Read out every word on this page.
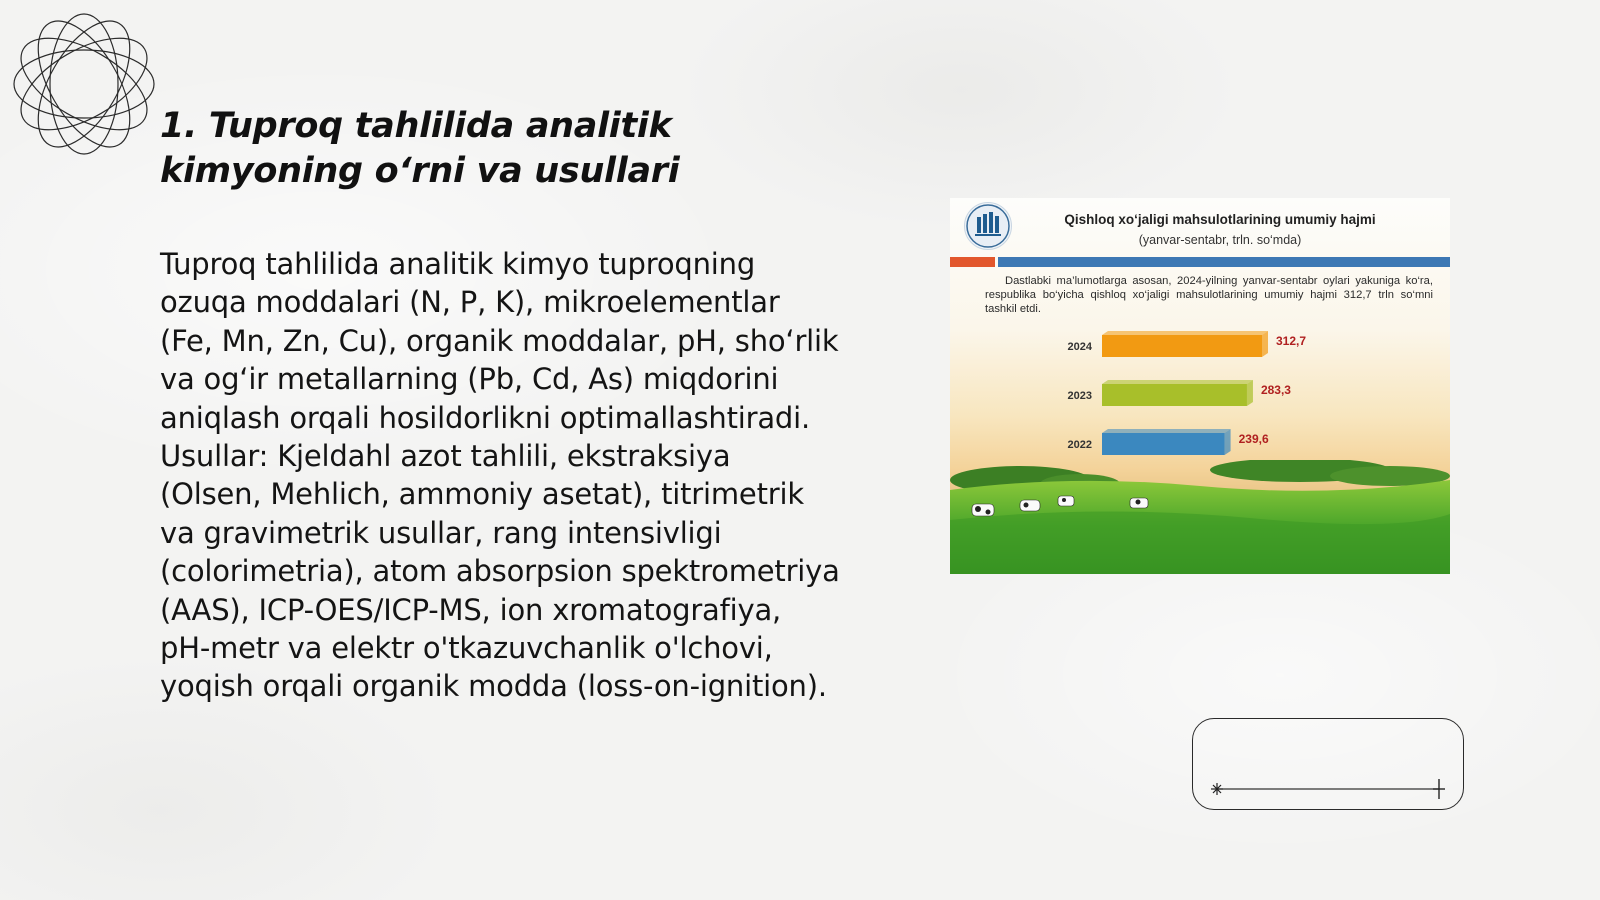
1. Tuproq tahlilida analitik kimyoning o‘rni va usullari

Tuproq tahlilida analitik kimyo tuproqning ozuqa moddalari (N, P, K), mikroelementlar (Fe, Mn, Zn, Cu), organik moddalar, pH, sho‘rlik va og‘ir metallarning (Pb, Cd, As) miqdorini aniqlash orqali hosildorlikni optimallashtiradi. Usullar: Kjeldahl azot tahlili, ekstraksiya (Olsen, Mehlich, ammoniy asetat), titrimetrik va gravimetrik usullar, rang intensivligi (colorimetria), atom absorpsion spektrometriya (AAS), ICP-OES/ICP-MS, ion xromatografiya, pH-metr va elektr o'tkazuvchanlik o'lchovi, yoqish orqali organik modda (loss-on-ignition).

Qishloq xo‘jaligi mahsulotlarining umumiy hajmi
(yanvar-sentabr, trln. so‘mda)
Dastlabki ma’lumotlarga asosan, 2024-yilning yanvar-sentabr oylari yakuniga ko‘ra, respublika bo‘yicha qishloq xo‘jaligi mahsulotlarining umumiy hajmi 312,7 trln so‘mni tashkil etdi.
2024	312,7
2023	283,3
2022	239,6
